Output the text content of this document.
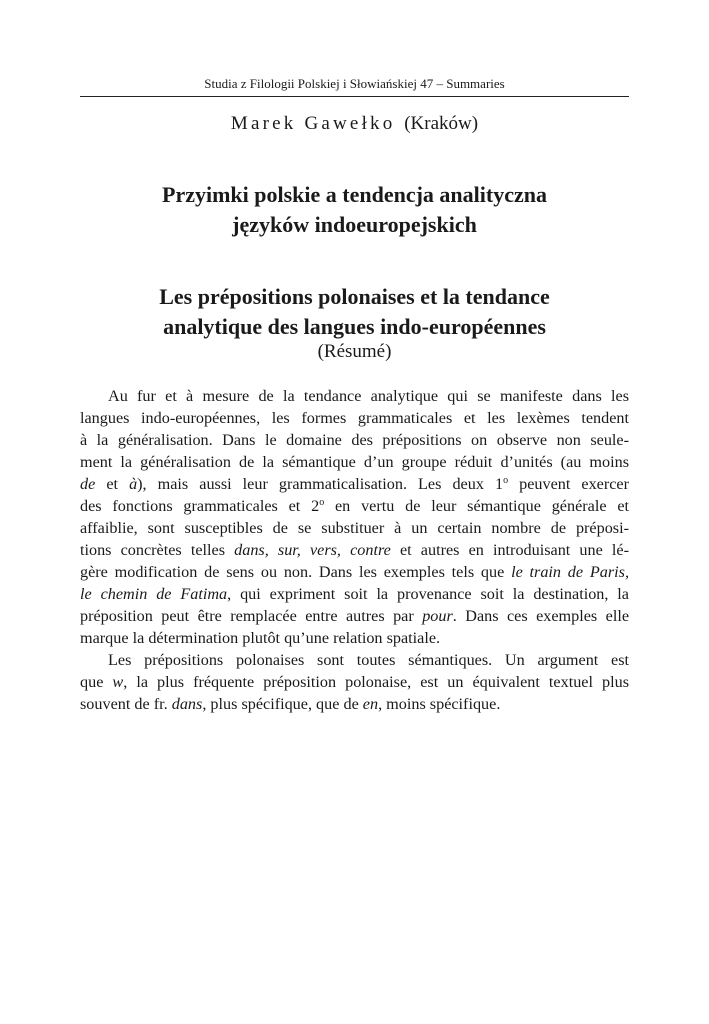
Studia z Filologii Polskiej i Słowiańskiej 47 – Summaries
Marek Gawełko (Kraków)
Przyimki polskie a tendencja analityczna
języków indoeuropejskich
Les prépositions polonaises et la tendance
analytique des langues indo-européennes
(Résumé)
Au fur et à mesure de la tendance analytique qui se manifeste dans les
langues indo-européennes, les formes grammaticales et les lexèmes tendent
à la généralisation. Dans le domaine des prépositions on observe non seule-
ment la généralisation de la sémantique d’un groupe réduit d’unités (au moins
de et à), mais aussi leur grammaticalisation. Les deux 1$^o$ peuvent exercer
des fonctions grammaticales et 2$^o$ en vertu de leur sémantique générale et
affaiblie, sont susceptibles de se substituer à un certain nombre de préposi-
tions concrètes telles dans, sur, vers, contre et autres en introduisant une lé-
gère modification de sens ou non. Dans les exemples tels que le train de Paris,
le chemin de Fatima, qui expriment soit la provenance soit la destination, la
préposition peut être remplacée entre autres par pour. Dans ces exemples elle
marque la détermination plutôt qu’une relation spatiale.
Les prépositions polonaises sont toutes sémantiques. Un argument est
que w, la plus fréquente préposition polonaise, est un équivalent textuel plus
souvent de fr. dans, plus spécifique, que de en, moins spécifique.
